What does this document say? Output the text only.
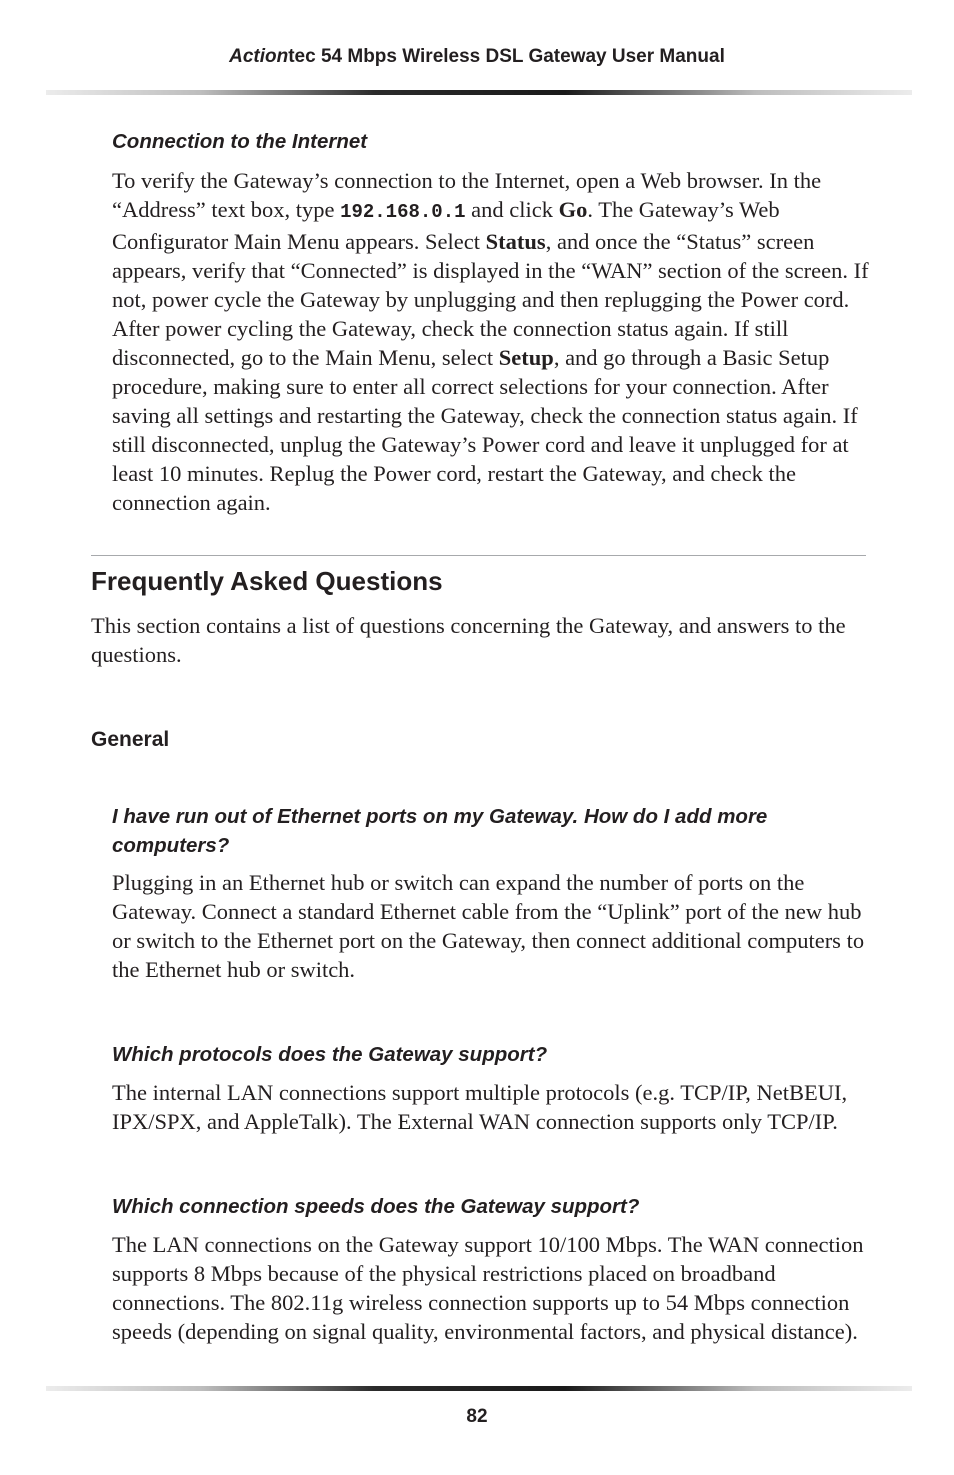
Actiontec 54 Mbps Wireless DSL Gateway User Manual
Connection to the Internet

To verify the Gateway’s connection to the Internet, open a Web browser. In the “Address” text box, type 192.168.0.1 and click Go. The Gateway’s Web Configurator Main Menu appears. Select Status, and once the “Status” screen appears, verify that “Connected” is displayed in the “WAN” section of the screen. If not, power cycle the Gateway by unplugging and then replugging the Power cord. After power cycling the Gateway, check the connection status again. If still disconnected, go to the Main Menu, select Setup, and go through a Basic Setup procedure, making sure to enter all correct selections for your connection. After saving all settings and restarting the Gateway, check the connection status again. If still disconnected, unplug the Gateway’s Power cord and leave it unplugged for at least 10 minutes. Replug the Power cord, restart the Gateway, and check the connection again.

Frequently Asked Questions

This section contains a list of questions concerning the Gateway, and answers to the questions.

General
I have run out of Ethernet ports on my Gateway. How do I add more computers?

Plugging in an Ethernet hub or switch can expand the number of ports on the Gateway. Connect a standard Ethernet cable from the “Uplink” port of the new hub or switch to the Ethernet port on the Gateway, then connect additional computers to the Ethernet hub or switch.

Which protocols does the Gateway support?

The internal LAN connections support multiple protocols (e.g. TCP/IP, NetBEUI, IPX/SPX, and AppleTalk). The External WAN connection supports only TCP/IP.

Which connection speeds does the Gateway support?

The LAN connections on the Gateway support 10/100 Mbps. The WAN connection supports 8 Mbps because of the physical restrictions placed on broadband connections. The 802.11g wireless connection supports up to 54 Mbps connection speeds (depending on signal quality, environmental factors, and physical distance).

82
